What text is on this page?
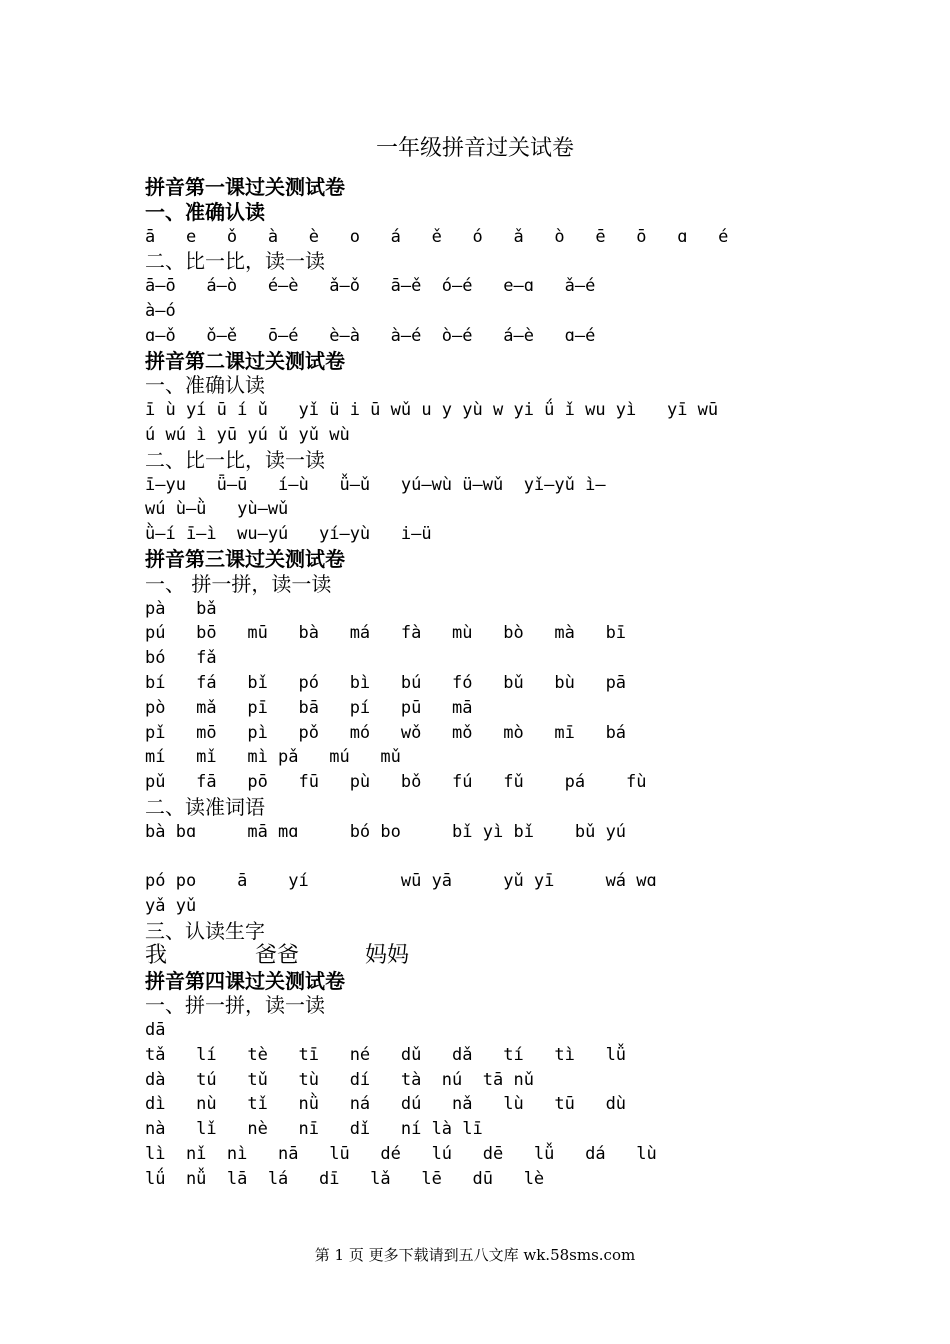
一年级拼音过关试卷
拼音第一课过关测试卷
一、准确认读
ā   e   ǒ   à   è   o   á   ě   ó   ǎ   ò   ē   ō   ɑ   é
二、比一比，读一读
ā—ō   á—ò   é—è   ǎ—ǒ   ā—ě  ó—é   e—ɑ   ǎ—é
à—ó
ɑ—ǒ   ǒ—ě   ō—é   è—à   à—é  ò—é   á—è   ɑ—é
拼音第二课过关测试卷
一、准确认读
ī ù yí ū í ǔ   yǐ ü i ū wǔ u y yù w yi ǘ ǐ wu yì   yī wū
ú wú ì yū yú ǔ yǔ wù
二、比一比，读一读
ī—yu   ǖ—ū   í—ù   ǚ—ǔ   yú—wù ü—wǔ  yǐ—yǔ ì—
wú ù—ǜ   yù—wǔ
ǜ—í ī—ì  wu—yú   yí—yù   i—ü
拼音第三课过关测试卷
一、 拼一拼，读一读
pà   bǎ
pú   bō   mū   bà   má   fà   mù   bò   mà   bī
bó   fǎ
bí   fá   bǐ   pó   bì   bú   fó   bǔ   bù   pā
pò   mǎ   pī   bā   pí   pū   mā
pǐ   mō   pì   pǒ   mó   wǒ   mǒ   mò   mī   bá
mí   mǐ   mì pǎ   mú   mǔ
pǔ   fā   pō   fū   pù   bǒ   fú   fǔ    pá    fù
二、读准词语
bà bɑ     mā mɑ     bó bo     bǐ yì bǐ    bǔ yú
pó po    ā    yí         wū yā     yǔ yī     wá wɑ
yǎ yǔ
三、认读生字
我　　　　爸爸　　　妈妈
拼音第四课过关测试卷
一、拼一拼，读一读
dā
tǎ   lí   tè   tī   né   dǔ   dǎ   tí   tì   lǚ
dà   tú   tǔ   tù   dí   tà  nú  tā nǔ
dì   nù   tǐ   nǜ   ná   dú   nǎ   lù   tū   dù
nà   lǐ   nè   nī   dǐ   ní là lī
lì  nǐ  nì   nā   lū   dé   lú   dē   lǚ   dá   lù
lǘ  nǚ  lā  lá   dī   lǎ   lē   dū   lè
第 1 页 更多下载请到五八文库 wk.58sms.com
